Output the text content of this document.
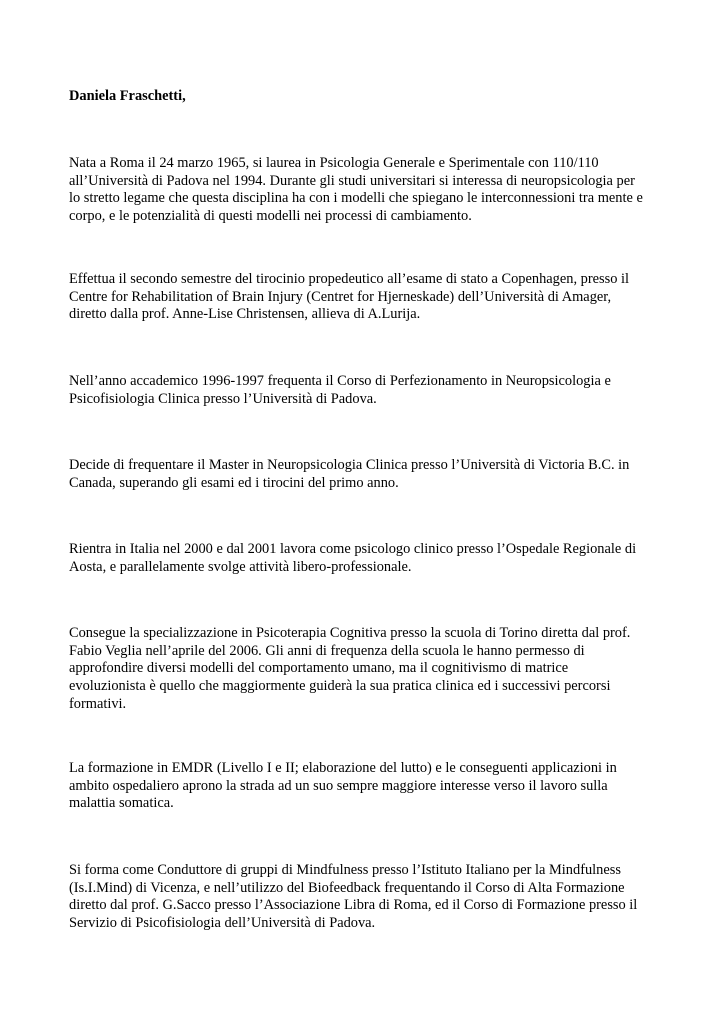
Daniela Fraschetti,

Nata a Roma il 24 marzo 1965, si laurea in Psicologia Generale e Sperimentale con 110/110
all’Università di Padova nel 1994. Durante gli studi universitari si interessa di neuropsicologia per
lo stretto legame che questa disciplina ha con i modelli che spiegano le interconnessioni tra mente e
corpo, e le potenzialità di questi modelli nei processi di cambiamento.
Effettua il secondo semestre del tirocinio propedeutico all’esame di stato a Copenhagen, presso il
Centre for Rehabilitation of Brain Injury (Centret for Hjerneskade) dell’Università di Amager,
diretto dalla prof. Anne-Lise Christensen, allieva di A.Lurija.
Nell’anno accademico 1996-1997 frequenta il Corso di Perfezionamento in Neuropsicologia e
Psicofisiologia Clinica presso l’Università di Padova.
Decide di frequentare il Master in Neuropsicologia Clinica presso l’Università di Victoria B.C. in
Canada, superando gli esami ed i tirocini del primo anno.
Rientra in Italia nel 2000 e dal 2001 lavora come psicologo clinico presso l’Ospedale Regionale di
Aosta, e parallelamente svolge attività libero-professionale.
Consegue la specializzazione in Psicoterapia Cognitiva presso la scuola di Torino diretta dal prof.
Fabio Veglia nell’aprile del 2006. Gli anni di frequenza della scuola le hanno permesso di
approfondire diversi modelli del comportamento umano, ma il cognitivismo di matrice
evoluzionista è quello che maggiormente guiderà la sua pratica clinica ed i successivi percorsi
formativi.
La formazione in EMDR (Livello I e II; elaborazione del lutto) e le conseguenti applicazioni in
ambito ospedaliero aprono la strada ad un suo sempre maggiore interesse verso il lavoro sulla
malattia somatica.
Si forma come Conduttore di gruppi di Mindfulness presso l’Istituto Italiano per la Mindfulness
(Is.I.Mind) di Vicenza, e nell’utilizzo del Biofeedback frequentando il Corso di Alta Formazione
diretto dal prof. G.Sacco presso l’Associazione Libra di Roma, ed il Corso di Formazione presso il
Servizio di Psicofisiologia dell’Università di Padova.
